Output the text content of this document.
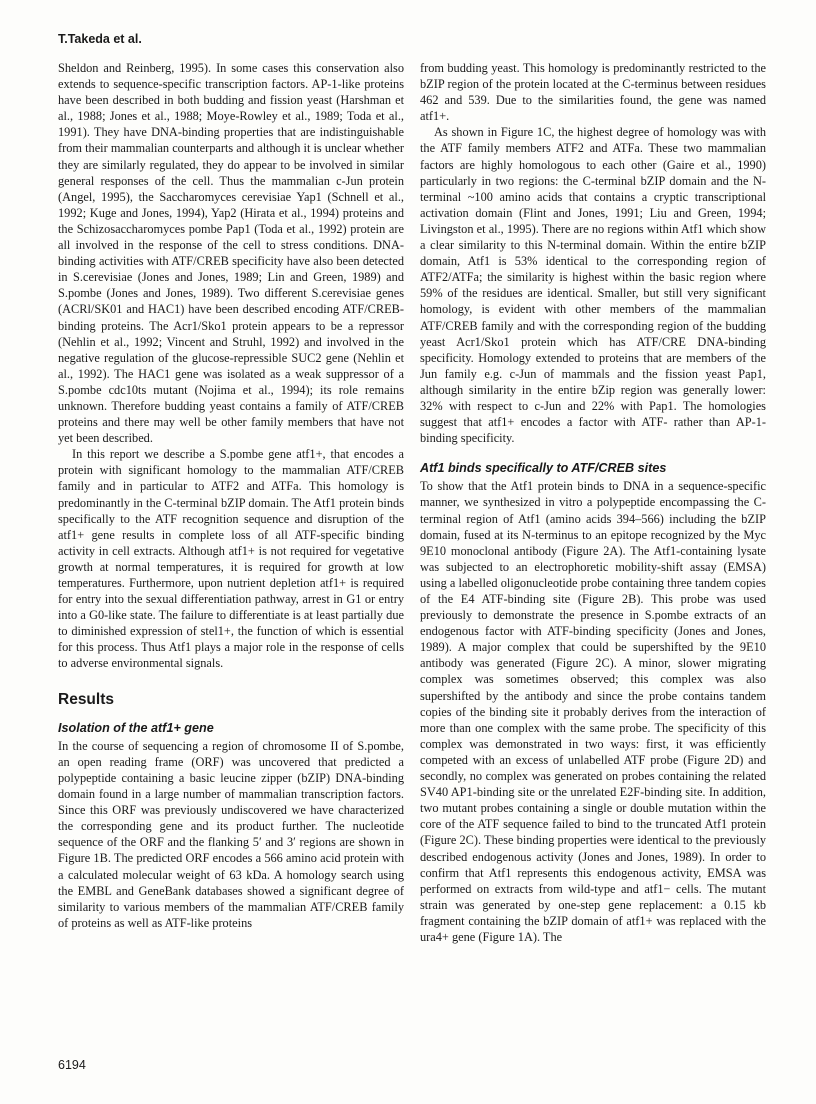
T.Takeda et al.

Sheldon and Reinberg, 1995). In some cases this conservation also extends to sequence-specific transcription factors. AP-1-like proteins have been described in both budding and fission yeast (Harshman et al., 1988; Jones et al., 1988; Moye-Rowley et al., 1989; Toda et al., 1991). They have DNA-binding properties that are indistinguishable from their mammalian counterparts and although it is unclear whether they are similarly regulated, they do appear to be involved in similar general responses of the cell. Thus the mammalian c-Jun protein (Angel, 1995), the Saccharomyces cerevisiae Yap1 (Schnell et al., 1992; Kuge and Jones, 1994), Yap2 (Hirata et al., 1994) proteins and the Schizosaccharomyces pombe Pap1 (Toda et al., 1992) protein are all involved in the response of the cell to stress conditions. DNA-binding activities with ATF/CREB specificity have also been detected in S.cerevisiae (Jones and Jones, 1989; Lin and Green, 1989) and S.pombe (Jones and Jones, 1989). Two different S.cerevisiae genes (ACRl/SK01 and HAC1) have been described encoding ATF/CREB-binding proteins. The Acr1/Sko1 protein appears to be a repressor (Nehlin et al., 1992; Vincent and Struhl, 1992) and involved in the negative regulation of the glucose-repressible SUC2 gene (Nehlin et al., 1992). The HAC1 gene was isolated as a weak suppressor of a S.pombe cdc10ts mutant (Nojima et al., 1994); its role remains unknown. Therefore budding yeast contains a family of ATF/CREB proteins and there may well be other family members that have not yet been described.

In this report we describe a S.pombe gene atf1+, that encodes a protein with significant homology to the mammalian ATF/CREB family and in particular to ATF2 and ATFa. This homology is predominantly in the C-terminal bZIP domain. The Atf1 protein binds specifically to the ATF recognition sequence and disruption of the atf1+ gene results in complete loss of all ATF-specific binding activity in cell extracts. Although atf1+ is not required for vegetative growth at normal temperatures, it is required for growth at low temperatures. Furthermore, upon nutrient depletion atf1+ is required for entry into the sexual differentiation pathway, arrest in G1 or entry into a G0-like state. The failure to differentiate is at least partially due to diminished expression of stel1+, the function of which is essential for this process. Thus Atf1 plays a major role in the response of cells to adverse environmental signals.

Results
Isolation of the atf1+ gene

In the course of sequencing a region of chromosome II of S.pombe, an open reading frame (ORF) was uncovered that predicted a polypeptide containing a basic leucine zipper (bZIP) DNA-binding domain found in a large number of mammalian transcription factors. Since this ORF was previously undiscovered we have characterized the corresponding gene and its product further. The nucleotide sequence of the ORF and the flanking 5′ and 3′ regions are shown in Figure 1B. The predicted ORF encodes a 566 amino acid protein with a calculated molecular weight of 63 kDa. A homology search using the EMBL and GeneBank databases showed a significant degree of similarity to various members of the mammalian ATF/CREB family of proteins as well as ATF-like proteins

from budding yeast. This homology is predominantly restricted to the bZIP region of the protein located at the C-terminus between residues 462 and 539. Due to the similarities found, the gene was named atf1+.

As shown in Figure 1C, the highest degree of homology was with the ATF family members ATF2 and ATFa. These two mammalian factors are highly homologous to each other (Gaire et al., 1990) particularly in two regions: the C-terminal bZIP domain and the N-terminal ~100 amino acids that contains a cryptic transcriptional activation domain (Flint and Jones, 1991; Liu and Green, 1994; Livingston et al., 1995). There are no regions within Atf1 which show a clear similarity to this N-terminal domain. Within the entire bZIP domain, Atf1 is 53% identical to the corresponding region of ATF2/ATFa; the similarity is highest within the basic region where 59% of the residues are identical. Smaller, but still very significant homology, is evident with other members of the mammalian ATF/CREB family and with the corresponding region of the budding yeast Acr1/Sko1 protein which has ATF/CRE DNA-binding specificity. Homology extended to proteins that are members of the Jun family e.g. c-Jun of mammals and the fission yeast Pap1, although similarity in the entire bZip region was generally lower: 32% with respect to c-Jun and 22% with Pap1. The homologies suggest that atf1+ encodes a factor with ATF- rather than AP-1-binding specificity.

Atf1 binds specifically to ATF/CREB sites

To show that the Atf1 protein binds to DNA in a sequence-specific manner, we synthesized in vitro a polypeptide encompassing the C-terminal region of Atf1 (amino acids 394–566) including the bZIP domain, fused at its N-terminus to an epitope recognized by the Myc 9E10 monoclonal antibody (Figure 2A). The Atf1-containing lysate was subjected to an electrophoretic mobility-shift assay (EMSA) using a labelled oligonucleotide probe containing three tandem copies of the E4 ATF-binding site (Figure 2B). This probe was used previously to demonstrate the presence in S.pombe extracts of an endogenous factor with ATF-binding specificity (Jones and Jones, 1989). A major complex that could be supershifted by the 9E10 antibody was generated (Figure 2C). A minor, slower migrating complex was sometimes observed; this complex was also supershifted by the antibody and since the probe contains tandem copies of the binding site it probably derives from the interaction of more than one complex with the same probe. The specificity of this complex was demonstrated in two ways: first, it was efficiently competed with an excess of unlabelled ATF probe (Figure 2D) and secondly, no complex was generated on probes containing the related SV40 AP1-binding site or the unrelated E2F-binding site. In addition, two mutant probes containing a single or double mutation within the core of the ATF sequence failed to bind to the truncated Atf1 protein (Figure 2C). These binding properties were identical to the previously described endogenous activity (Jones and Jones, 1989). In order to confirm that Atf1 represents this endogenous activity, EMSA was performed on extracts from wild-type and atf1− cells. The mutant strain was generated by one-step gene replacement: a 0.15 kb fragment containing the bZIP domain of atf1+ was replaced with the ura4+ gene (Figure 1A). The

6194
